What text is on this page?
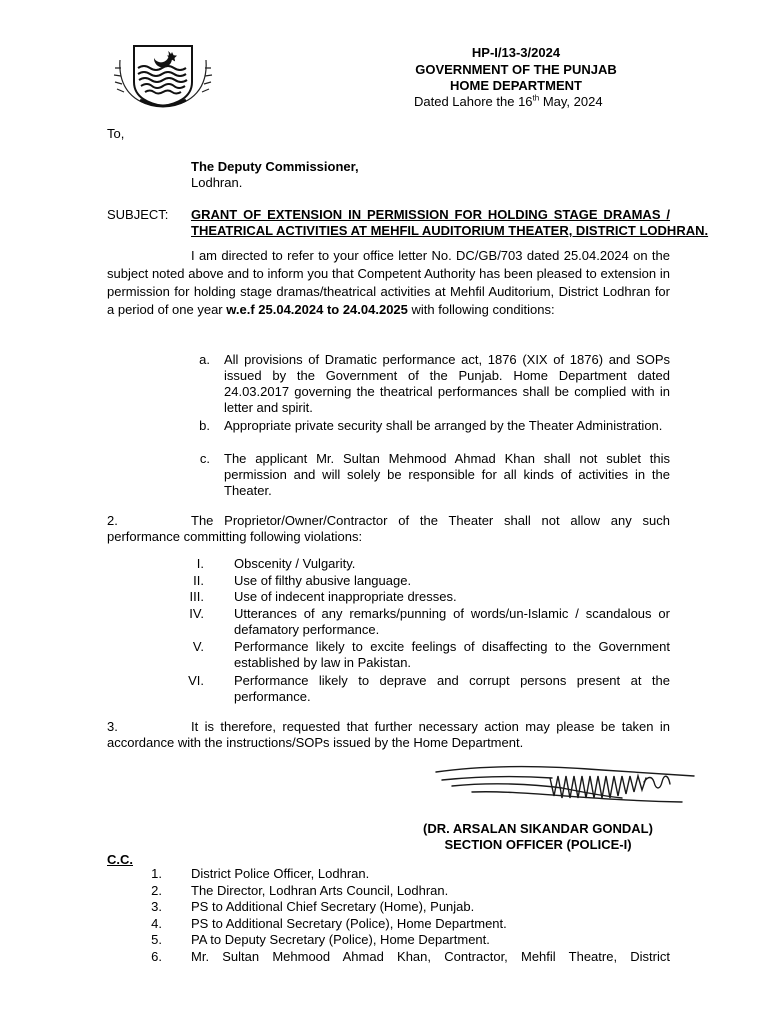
HP-I/13-3/2024
GOVERNMENT OF THE PUNJAB
HOME DEPARTMENT
Dated Lahore the 16th May, 2024
To,
The Deputy Commissioner,
Lodhran.
SUBJECT: GRANT OF EXTENSION IN PERMISSION FOR HOLDING STAGE DRAMAS /
THEATRICAL ACTIVITIES AT MEHFIL AUDITORIUM THEATER, DISTRICT LODHRAN.
I am directed to refer to your office letter No. DC/GB/703 dated 25.04.2024 on the subject noted above and to inform you that Competent Authority has been pleased to extension in permission for holding stage dramas/theatrical activities at Mehfil Auditorium, District Lodhran for a period of one year w.e.f 25.04.2024 to 24.04.2025 with following conditions:
a. All provisions of Dramatic performance act, 1876 (XIX of 1876) and SOPs issued by the Government of the Punjab. Home Department dated 24.03.2017 governing the theatrical performances shall be complied with in letter and spirit.
b. Appropriate private security shall be arranged by the Theater Administration.
c. The applicant Mr. Sultan Mehmood Ahmad Khan shall not sublet this permission and will solely be responsible for all kinds of activities in the Theater.
2.	The Proprietor/Owner/Contractor of the Theater shall not allow any such performance committing following violations:
I. Obscenity / Vulgarity.
II. Use of filthy abusive language.
III. Use of indecent inappropriate dresses.
IV. Utterances of any remarks/punning of words/un-Islamic / scandalous or defamatory performance.
V. Performance likely to excite feelings of disaffecting to the Government established by law in Pakistan.
VI. Performance likely to deprave and corrupt persons present at the performance.
3.	It is therefore, requested that further necessary action may please be taken in accordance with the instructions/SOPs issued by the Home Department.
(DR. ARSALAN SIKANDAR GONDAL)
SECTION OFFICER (POLICE-I)
C.C.
1. District Police Officer, Lodhran.
2. The Director, Lodhran Arts Council, Lodhran.
3. PS to Additional Chief Secretary (Home), Punjab.
4. PS to Additional Secretary (Police), Home Department.
5. PA to Deputy Secretary (Police), Home Department.
6. Mr. Sultan Mehmood Ahmad Khan, Contractor, Mehfil Theatre, District
